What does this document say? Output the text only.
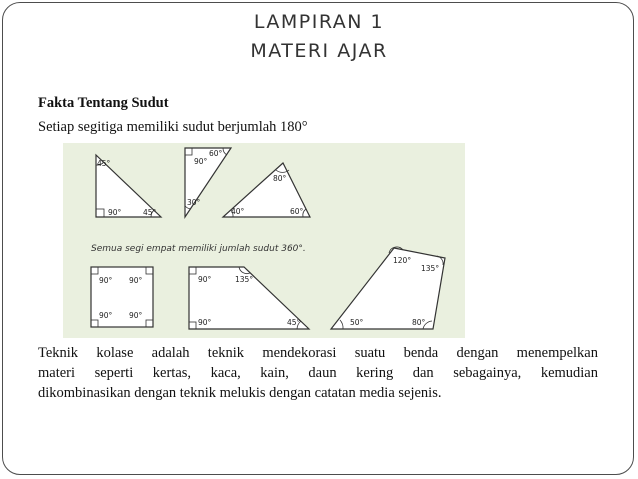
LAMPIRAN 1
MATERI AJAR
Fakta Tentang Sudut
Setiap segitiga memiliki sudut berjumlah 180°
45°
90°	45°
90°
60°
30°
80°
40°	60°
Semua segi empat memiliki jumlah sudut 360°.
90° 90°
90° 90°
90°	135°
90°	45°
120°
135°
50°	80°
Teknik kolase adalah teknik mendekorasi suatu benda dengan menempelkan
materi seperti kertas, kaca, kain, daun kering dan sebagainya, kemudian
dikombinasikan dengan teknik melukis dengan catatan media sejenis.
